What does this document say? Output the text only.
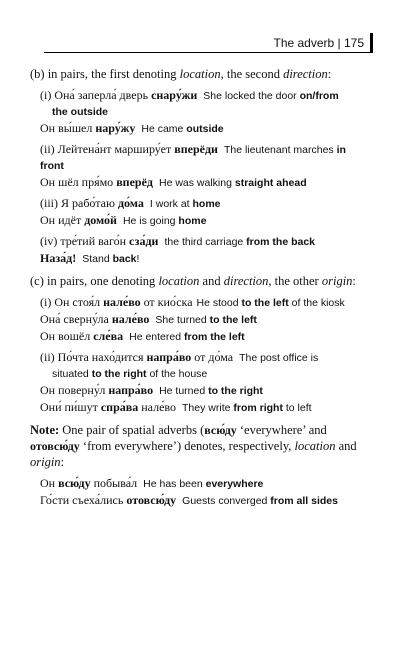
The adverb | 175

(b) in pairs, the first denoting location, the second direction:

(i) Она́ заперла́ дверь снару́жи She locked the door on/from

the outside

Он вы́шел нару́жу He came outside

(ii) Лейтена́нт марширу́ет вперёди The lieutenant marches in

front

Он шёл пря́мо вперёд He was walking straight ahead

(iii) Я рабо́таю до́ма I work at home

Он идёт домо́й He is going home

(iv) тре́тий ваго́н сза́ди the third carriage from the back

Наза́д! Stand back!

(c) in pairs, one denoting location and direction, the other origin:

(i) Он стоя́л нале́во от кио́ска He stood to the left of the kiosk

Она́ сверну́ла нале́во She turned to the left

Он вошёл сле́ва He entered from the left

(ii) По́чта нахо́дится напра́во от до́ма The post office is

situated to the right of the house

Он поверну́л напра́во He turned to the right

Они́ пи́шут спра́ва нале́во They write from right to left

Note: One pair of spatial adverbs (всю́ду ‘everywhere’ and отовсю́ду ‘from everywhere’) denotes, respectively, location and origin:

Он всю́ду побыва́л He has been everywhere

Го́сти съеха́лись отовсю́ду Guests converged from all sides
